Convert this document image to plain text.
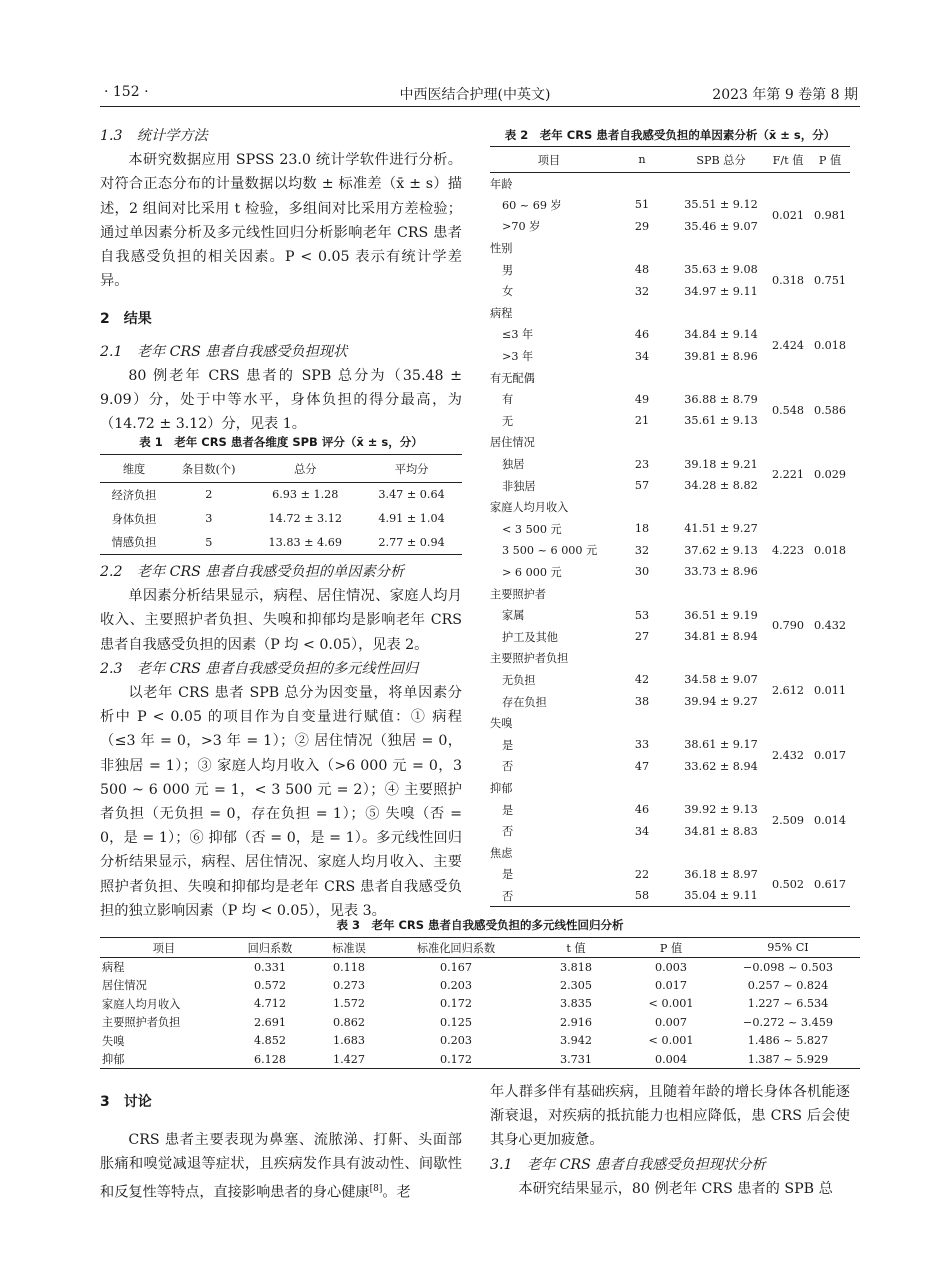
· 152 ·	中西医结合护理(中英文)	2023 年第 9 卷第 8 期

1.3　统计学方法

本研究数据应用 SPSS 23.0 统计学软件进行分析。对符合正态分布的计量数据以均数 ± 标准差（x̄ ± s）描述，2 组间对比采用 t 检验，多组间对比采用方差检验；通过单因素分析及多元线性回归分析影响老年 CRS 患者自我感受负担的相关因素。P < 0.05 表示有统计学差异。

2　结果

2.1　老年 CRS 患者自我感受负担现状

80 例老年 CRS 患者的 SPB 总分为（35.48 ± 9.09）分，处于中等水平，身体负担的得分最高，为（14.72 ± 3.12）分，见表 1。

表 1　老年 CRS 患者各维度 SPB 评分（x̄ ± s，分）
维度	条目数(个)	总分	平均分
经济负担	2	6.93 ± 1.28	3.47 ± 0.64
身体负担	3	14.72 ± 3.12	4.91 ± 1.04
情感负担	5	13.83 ± 4.69	2.77 ± 0.94

2.2　老年 CRS 患者自我感受负担的单因素分析

单因素分析结果显示，病程、居住情况、家庭人均月收入、主要照护者负担、失嗅和抑郁均是影响老年 CRS 患者自我感受负担的因素（P 均 < 0.05），见表 2。

2.3　老年 CRS 患者自我感受负担的多元线性回归

以老年 CRS 患者 SPB 总分为因变量，将单因素分析中 P < 0.05 的项目作为自变量进行赋值：① 病程（≤3 年 = 0，>3 年 = 1）；② 居住情况（独居 = 0，非独居 = 1）；③ 家庭人均月收入（>6 000 元 = 0，3 500 ~ 6 000 元 = 1，< 3 500 元 = 2）；④ 主要照护者负担（无负担 = 0，存在负担 = 1）；⑤ 失嗅（否 = 0，是 = 1）；⑥ 抑郁（否 = 0，是 = 1）。多元线性回归分析结果显示，病程、居住情况、家庭人均月收入、主要照护者负担、失嗅和抑郁均是老年 CRS 患者自我感受负担的独立影响因素（P 均 < 0.05），见表 3。

表 2　老年 CRS 患者自我感受负担的单因素分析（x̄ ± s，分）
项目	n	SPB 总分	F/t 值	P 值
年龄				
60 ~ 69 岁	51	35.51 ± 9.12	0.021	0.981
>70 岁	29	35.46 ± 9.07		
性别				
男	48	35.63 ± 9.08	0.318	0.751
女	32	34.97 ± 9.11		
病程				
≤3 年	46	34.84 ± 9.14	2.424	0.018
>3 年	34	39.81 ± 8.96		
有无配偶				
有	49	36.88 ± 8.79	0.548	0.586
无	21	35.61 ± 9.13		
居住情况				
独居	23	39.18 ± 9.21	2.221	0.029
非独居	57	34.28 ± 8.82		
家庭人均月收入				
< 3 500 元	18	41.51 ± 9.27	4.223	0.018
3 500 ~ 6 000 元	32	37.62 ± 9.13		
> 6 000 元	30	33.73 ± 8.96		
主要照护者				
家属	53	36.51 ± 9.19	0.790	0.432
护工及其他	27	34.81 ± 8.94		
主要照护者负担				
无负担	42	34.58 ± 9.07	2.612	0.011
存在负担	38	39.94 ± 9.27		
失嗅				
是	33	38.61 ± 9.17	2.432	0.017
否	47	33.62 ± 8.94		
抑郁				
是	46	39.92 ± 9.13	2.509	0.014
否	34	34.81 ± 8.83		
焦虑				
是	22	36.18 ± 8.97	0.502	0.617
否	58	35.04 ± 9.11		
表 3　老年 CRS 患者自我感受负担的多元线性回归分析
项目	回归系数	标准误	标准化回归系数	t 值	P 值	95% CI
病程	0.331	0.118	0.167	3.818	0.003	−0.098 ~ 0.503
居住情况	0.572	0.273	0.203	2.305	0.017	0.257 ~ 0.824
家庭人均月收入	4.712	1.572	0.172	3.835	< 0.001	1.227 ~ 6.534
主要照护者负担	2.691	0.862	0.125	2.916	0.007	−0.272 ~ 3.459
失嗅	4.852	1.683	0.203	3.942	< 0.001	1.486 ~ 5.827
抑郁	6.128	1.427	0.172	3.731	0.004	1.387 ~ 5.929

3　讨论

CRS 患者主要表现为鼻塞、流脓涕、打鼾、头面部胀痛和嗅觉减退等症状，且疾病发作具有波动性、间歇性和反复性等特点，直接影响患者的身心健康[8]。老

年人群多伴有基础疾病，且随着年龄的增长身体各机能逐渐衰退，对疾病的抵抗能力也相应降低，患 CRS 后会使其身心更加疲惫。

3.1　老年 CRS 患者自我感受负担现状分析

本研究结果显示，80 例老年 CRS 患者的 SPB 总
